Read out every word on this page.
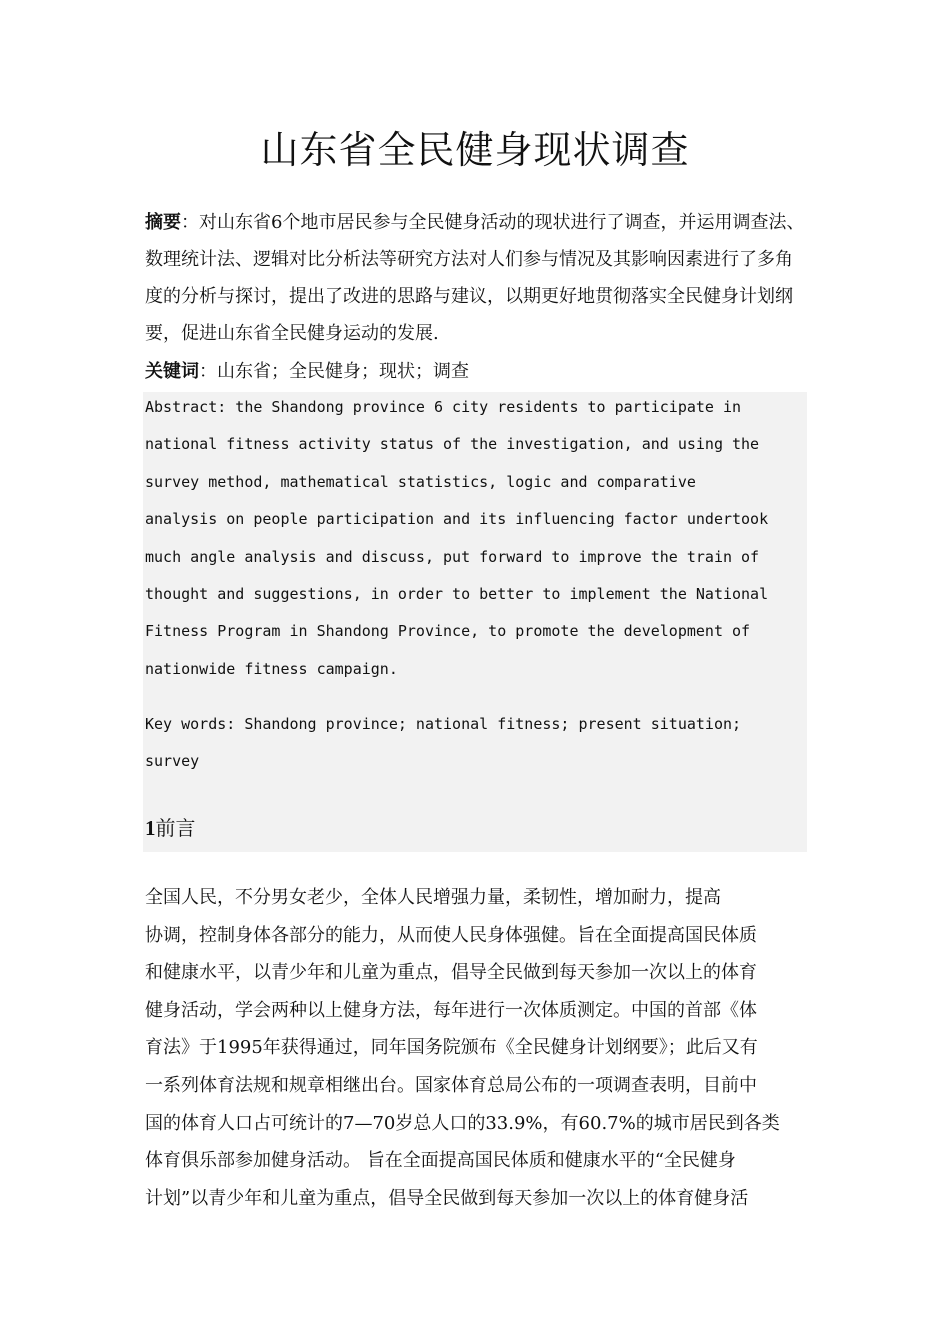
山东省全民健身现状调查

摘要：对山东省6个地市居民参与全民健身活动的现状进行了调查，并运用调查法、数理统计法、逻辑对比分析法等研究方法对人们参与情况及其影响因素进行了多角度的分析与探讨，提出了改进的思路与建议，以期更好地贯彻落实全民健身计划纲要，促进山东省全民健身运动的发展.

关键词：山东省；全民健身；现状；调查

Abstract: the Shandong province 6 city residents to participate in
national fitness activity status of the investigation, and using the
survey method, mathematical statistics, logic and comparative
analysis on people participation and its influencing factor undertook
much angle analysis and discuss, put forward to improve the train of
thought and suggestions, in order to better to implement the National
Fitness Program in Shandong Province, to promote the development of
nationwide fitness campaign.

Key words: Shandong province; national fitness; present situation;
survey

1前言

全国人民，不分男女老少，全体人民增强力量，柔韧性，增加耐力，提高
协调，控制身体各部分的能力，从而使人民身体强健。旨在全面提高国民体质
和健康水平，以青少年和儿童为重点，倡导全民做到每天参加一次以上的体育
健身活动，学会两种以上健身方法，每年进行一次体质测定。中国的首部《体
育法》于1995年获得通过，同年国务院颁布《全民健身计划纲要》；此后又有
一系列体育法规和规章相继出台。国家体育总局公布的一项调查表明，目前中
国的体育人口占可统计的7—70岁总人口的33.9%，有60.7%的城市居民到各类
体育俱乐部参加健身活动。 旨在全面提高国民体质和健康水平的“全民健身
计划”以青少年和儿童为重点，倡导全民做到每天参加一次以上的体育健身活
